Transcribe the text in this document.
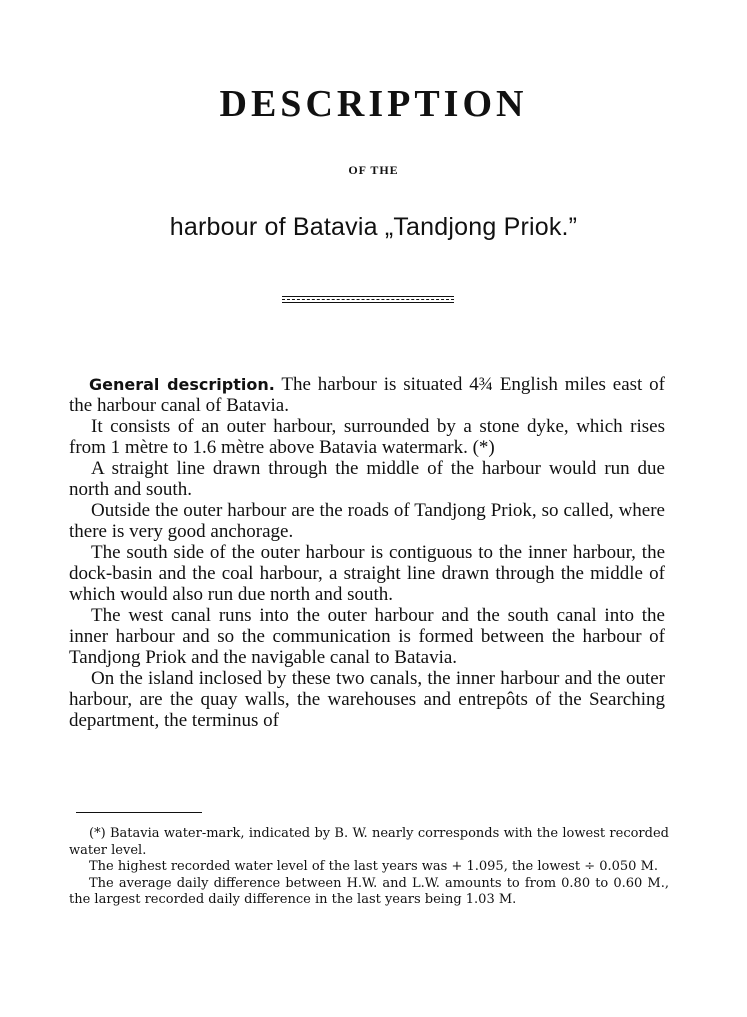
DESCRIPTION
OF THE
harbour of Batavia „Tandjong Priok.”

General description. The harbour is situated 4¾ English miles east of the harbour canal of Batavia.

It consists of an outer harbour, surrounded by a stone dyke, which rises from 1 mètre to 1.6 mètre above Batavia watermark. (*)

A straight line drawn through the middle of the harbour would run due north and south.

Outside the outer harbour are the roads of Tandjong Priok, so called, where there is very good anchorage.

The south side of the outer harbour is contiguous to the inner harbour, the dock-basin and the coal harbour, a straight line drawn through the middle of which would also run due north and south.

The west canal runs into the outer harbour and the south canal into the inner harbour and so the communication is formed between the harbour of Tandjong Priok and the navigable canal to Batavia.

On the island inclosed by these two canals, the inner harbour and the outer harbour, are the quay walls, the warehouses and entrepôts of the Searching department, the terminus of

(*) Batavia water-mark, indicated by B. W. nearly corresponds with the lowest recorded water level.

The highest recorded water level of the last years was + 1.095, the lowest ÷ 0.050 M.

The average daily difference between H.W. and L.W. amounts to from 0.80 to 0.60 M., the largest recorded daily difference in the last years being 1.03 M.
